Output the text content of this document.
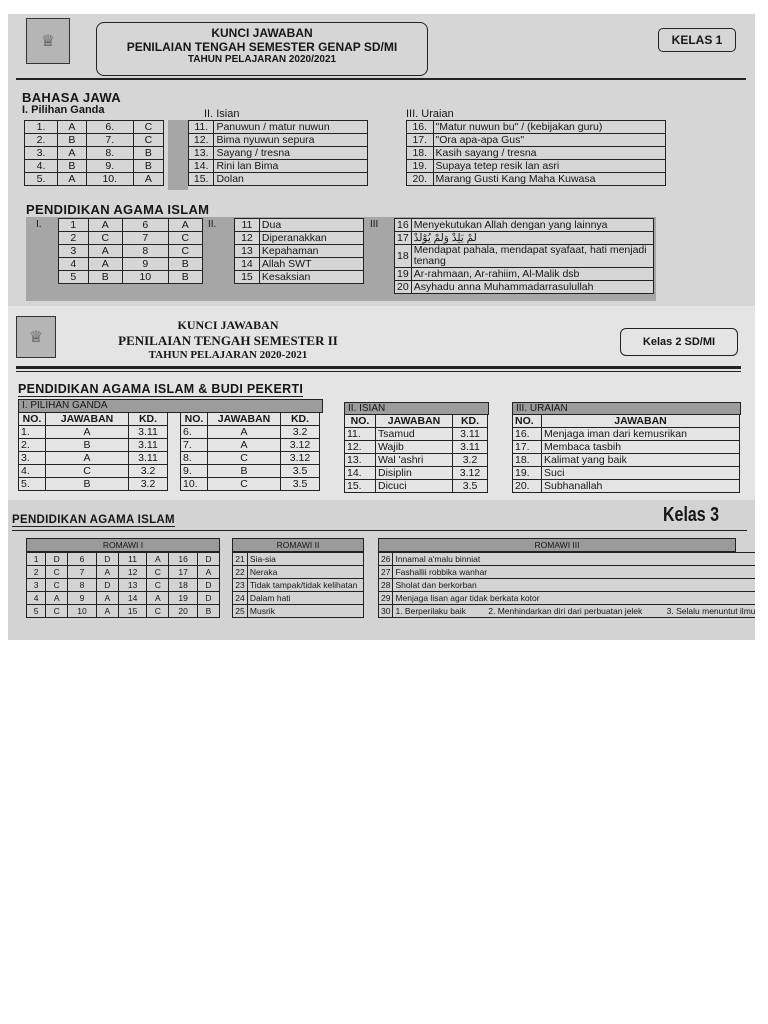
♕	KUNCI JAWABAN
PENILAIAN TENGAH SEMESTER GENAP SD/MI
TAHUN PELAJARAN 2020/2021
KELAS 1
BAHASA JAWA
I. Pilihan Ganda	II. Isian	III. Uraian
1.	A	6.	C
2.	B	7.	C
3.	A	8.	B
4.	B	9.	B
5.	A	10.	A
11.	Panuwun / matur nuwun
12.	Bima nyuwun sepura
13.	Sayang / tresna
14.	Rini lan Bima
15.	Dolan
16.	"Matur nuwun bu" / (kebijakan guru)
17.	"Ora apa-apa Gus"
18.	Kasih sayang / tresna
19.	Supaya tetep resik lan asri
20.	Marang Gusti Kang Maha Kuwasa
PENDIDIKAN AGAMA ISLAM
I.	II.	III
1	A	6	A
2	C	7	C
3	A	8	C
4	A	9	B
5	B	10	B
11	Dua
12	Diperanakkan
13	Kepahaman
14	Allah SWT
15	Kesaksian
16	Menyekutukan Allah dengan yang lainnya
17	لَمْ يَلِدْ وَلَمْ يُوْلَدْ
18	Mendapat pahala, mendapat syafaat, hati menjadi tenang
19	Ar-rahmaan, Ar-rahiim, Al-Malik dsb
20	Asyhadu anna Muhammadarrasulullah
♕
KUNCI JAWABAN
PENILAIAN TENGAH SEMESTER II
TAHUN PELAJARAN 2020-2021
Kelas 2 SD/MI
PENDIDIKAN AGAMA ISLAM & BUDI PEKERTI
I. PILIHAN GANDA
NO.	JAWABAN	KD.
1.	A	3.11
2.	B	3.11
3.	A	3.11
4.	C	3.2
5.	B	3.2
NO.	JAWABAN	KD.
6.	A	3.2
7.	A	3.12
8.	C	3.12
9.	B	3.5
10.	C	3.5
II. ISIAN
NO.	JAWABAN	KD.
11.	Tsamud	3.11
12.	Wajib	3.11
13.	Wal 'ashri	3.2
14.	Disiplin	3.12
15.	Dicuci	3.5
III. URAIAN
NO.	JAWABAN
16.	Menjaga iman dari kemusrikan
17.	Membaca tasbih
18.	Kalimat yang baik
19.	Suci
20.	Subhanallah
PENDIDIKAN AGAMA ISLAM	Kelas 3
ROMAWI I
1	D	6	D	11	A	16	D
2	C	7	A	12	C	17	A
3	C	8	D	13	C	18	D
4	A	9	A	14	A	19	D
5	C	10	A	15	C	20	B
ROMAWI II
21	Sia-sia
22	Neraka
23	Tidak tampak/tidak kelihatan
24	Dalam hati
25	Musrik
ROMAWI III
26	Innamal a'malu binniat
27	Fashallii robbika wanhar
28	Sholat dan berkorban
29	Menjaga lisan agar tidak berkata kotor
30	1. Berperilaku baik 2. Menhindarkan diri dari perbuatan jelek 3. Selalu menuntut ilmu
